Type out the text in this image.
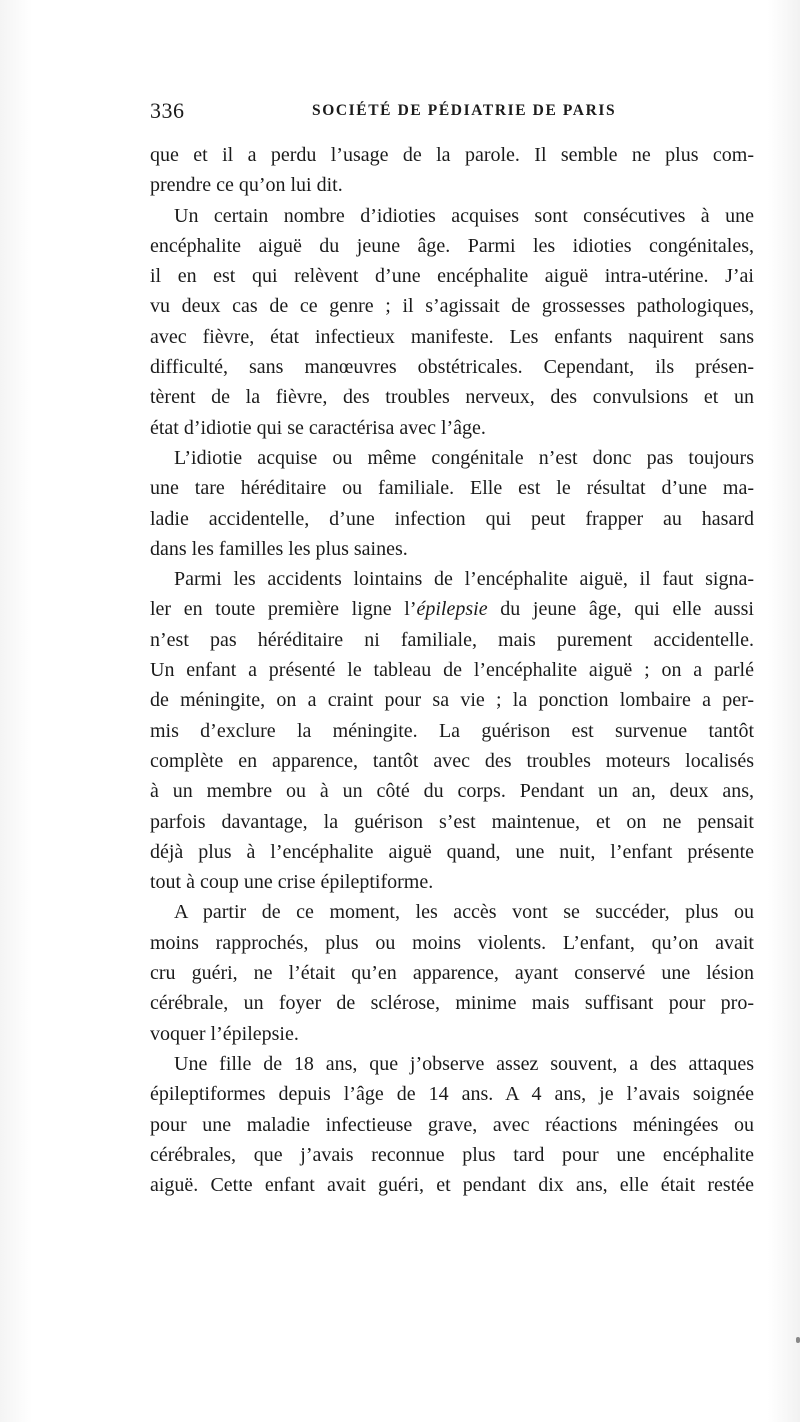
336	SOCIÉTÉ DE PÉDIATRIE DE PARIS
que et il a perdu l’usage de la parole. Il semble ne plus com-
prendre ce qu’on lui dit.
Un certain nombre d’idioties acquises sont consécutives à une
encéphalite aiguë du jeune âge. Parmi les idioties congénitales,
il en est qui relèvent d’une encéphalite aiguë intra-utérine. J’ai
vu deux cas de ce genre ; il s’agissait de grossesses pathologiques,
avec fièvre, état infectieux manifeste. Les enfants naquirent sans
difficulté, sans manœuvres obstétricales. Cependant, ils présen-
tèrent de la fièvre, des troubles nerveux, des convulsions et un
état d’idiotie qui se caractérisa avec l’âge.
L’idiotie acquise ou même congénitale n’est donc pas toujours
une tare héréditaire ou familiale. Elle est le résultat d’une ma-
ladie accidentelle, d’une infection qui peut frapper au hasard
dans les familles les plus saines.
Parmi les accidents lointains de l’encéphalite aiguë, il faut signa-
ler en toute première ligne l’épilepsie du jeune âge, qui elle aussi
n’est pas héréditaire ni familiale, mais purement accidentelle.
Un enfant a présenté le tableau de l’encéphalite aiguë ; on a parlé
de méningite, on a craint pour sa vie ; la ponction lombaire a per-
mis d’exclure la méningite. La guérison est survenue tantôt
complète en apparence, tantôt avec des troubles moteurs localisés
à un membre ou à un côté du corps. Pendant un an, deux ans,
parfois davantage, la guérison s’est maintenue, et on ne pensait
déjà plus à l’encéphalite aiguë quand, une nuit, l’enfant présente
tout à coup une crise épileptiforme.
A partir de ce moment, les accès vont se succéder, plus ou
moins rapprochés, plus ou moins violents. L’enfant, qu’on avait
cru guéri, ne l’était qu’en apparence, ayant conservé une lésion
cérébrale, un foyer de sclérose, minime mais suffisant pour pro-
voquer l’épilepsie.
Une fille de 18 ans, que j’observe assez souvent, a des attaques
épileptiformes depuis l’âge de 14 ans. A 4 ans, je l’avais soignée
pour une maladie infectieuse grave, avec réactions méningées ou
cérébrales, que j’avais reconnue plus tard pour une encéphalite
aiguë. Cette enfant avait guéri, et pendant dix ans, elle était restée
